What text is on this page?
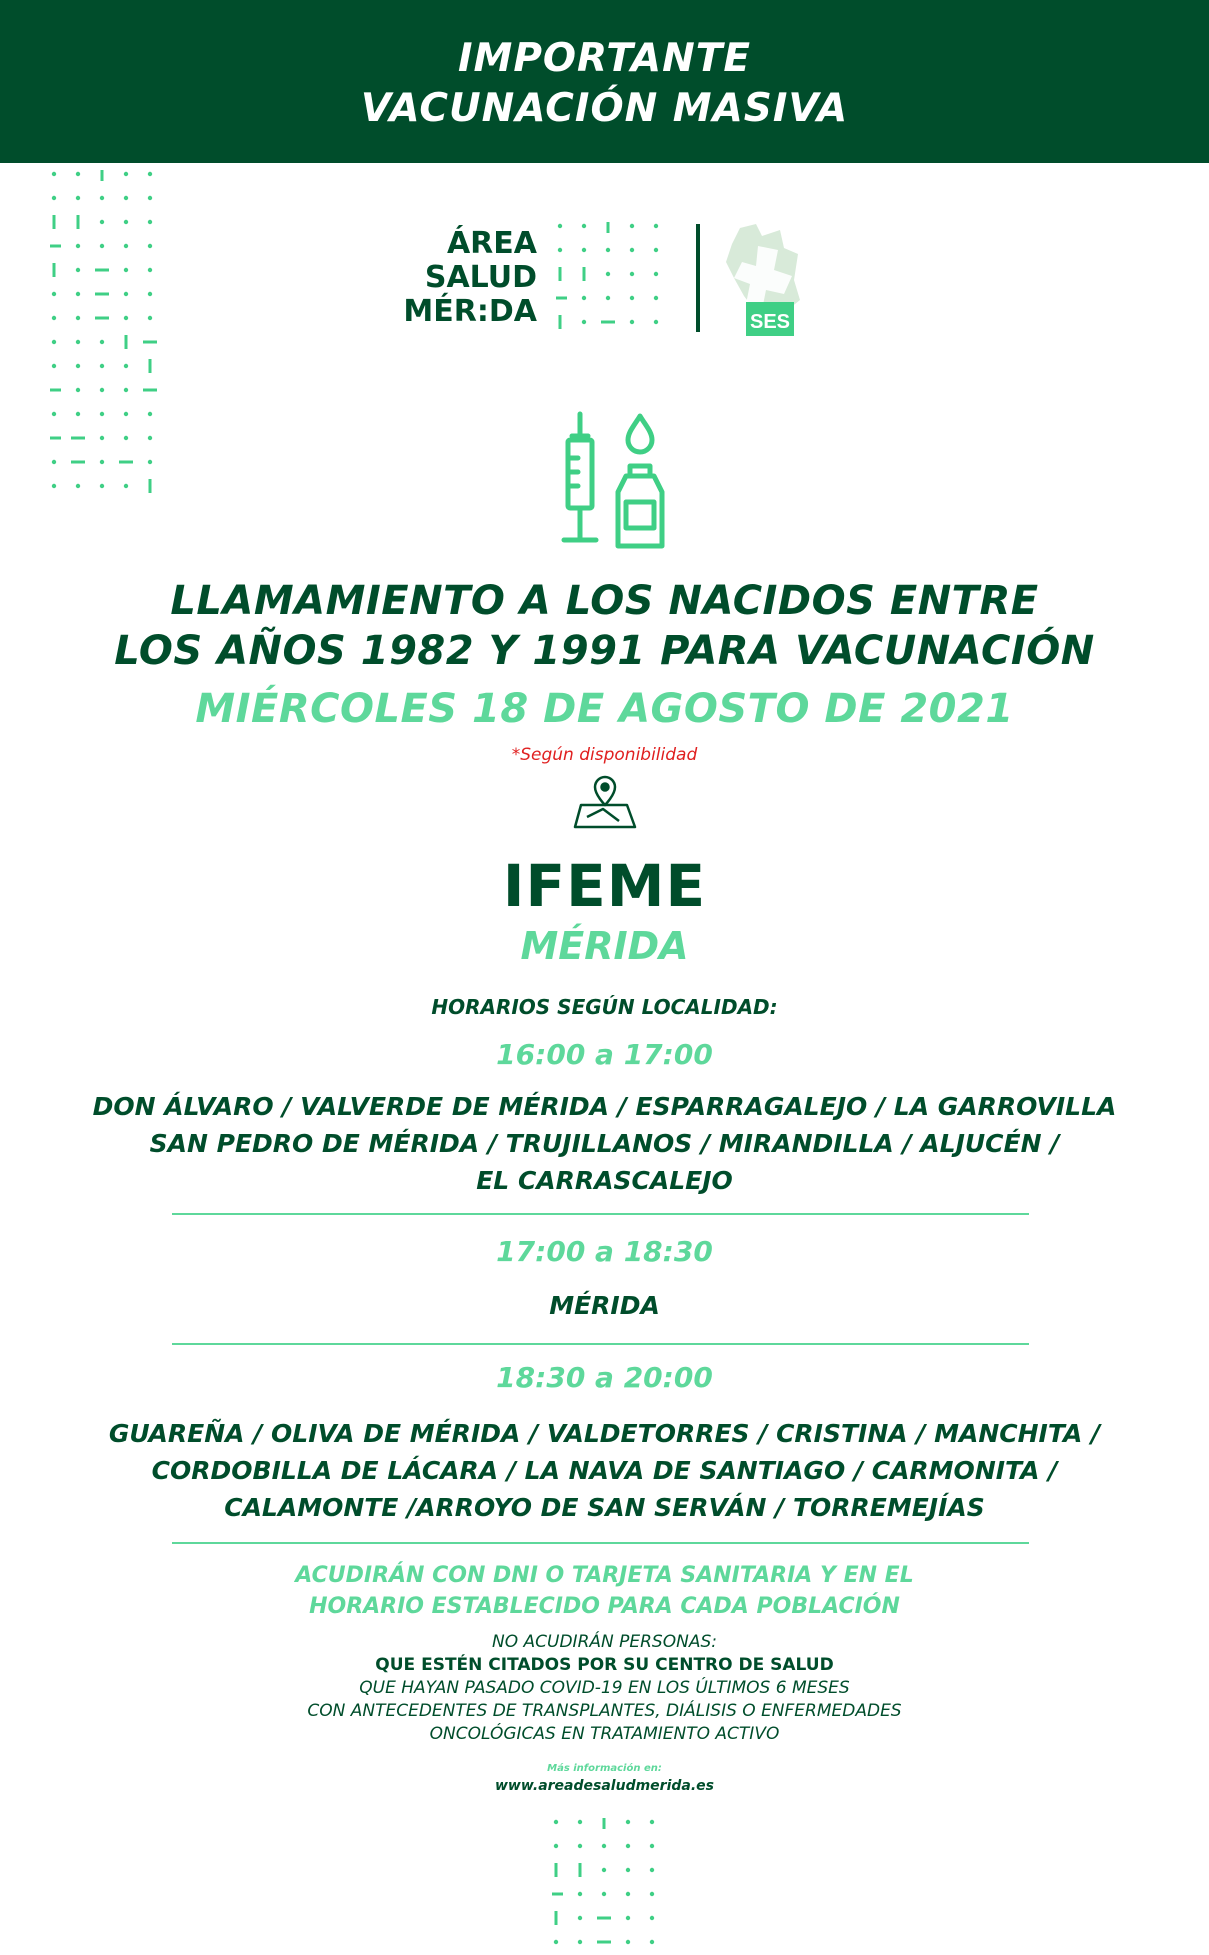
IMPORTANTE
VACUNACIÓN MASIVA
ÁREA
SALUD
MÉR:DA	SES
LLAMAMIENTO A LOS NACIDOS ENTRE
LOS AÑOS 1982 Y 1991 PARA VACUNACIÓN
MIÉRCOLES 18 DE AGOSTO DE 2021
*Según disponibilidad
IFEME
MÉRIDA
HORARIOS SEGÚN LOCALIDAD:
16:00 a 17:00
DON ÁLVARO / VALVERDE DE MÉRIDA / ESPARRAGALEJO / LA GARROVILLA
SAN PEDRO DE MÉRIDA / TRUJILLANOS / MIRANDILLA / ALJUCÉN /
EL CARRASCALEJO
17:00 a 18:30
MÉRIDA
18:30 a 20:00
GUAREÑA / OLIVA DE MÉRIDA / VALDETORRES / CRISTINA / MANCHITA /
CORDOBILLA DE LÁCARA / LA NAVA DE SANTIAGO / CARMONITA /
CALAMONTE /ARROYO DE SAN SERVÁN / TORREMEJÍAS
ACUDIRÁN CON DNI O TARJETA SANITARIA Y EN EL
HORARIO ESTABLECIDO PARA CADA POBLACIÓN
NO ACUDIRÁN PERSONAS:
QUE ESTÉN CITADOS POR SU CENTRO DE SALUD
QUE HAYAN PASADO COVID-19 EN LOS ÚLTIMOS 6 MESES
CON ANTECEDENTES DE TRANSPLANTES, DIÁLISIS O ENFERMEDADES
ONCOLÓGICAS EN TRATAMIENTO ACTIVO
Más información en:
www.areadesaludmerida.es
